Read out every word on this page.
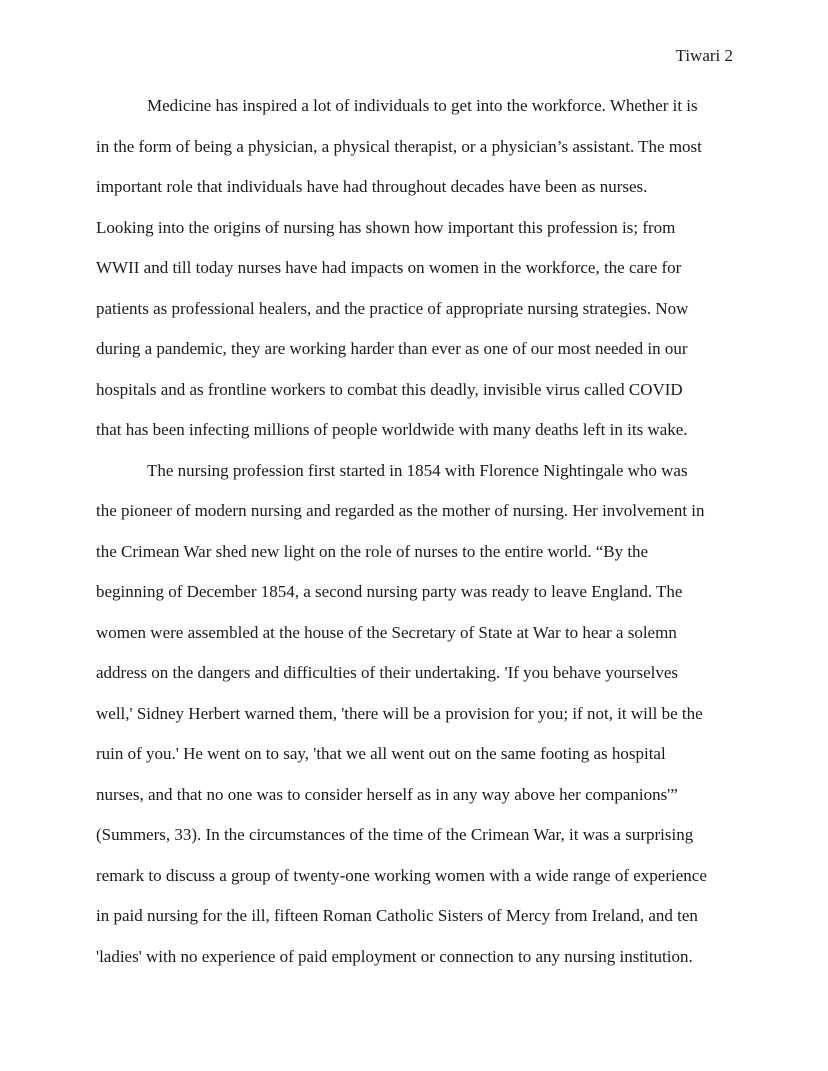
Tiwari 2
Medicine has inspired a lot of individuals to get into the workforce. Whether it is
in the form of being a physician, a physical therapist, or a physician’s assistant. The most
important role that individuals have had throughout decades have been as nurses.
Looking into the origins of nursing has shown how important this profession is; from
WWII and till today nurses have had impacts on women in the workforce, the care for
patients as professional healers, and the practice of appropriate nursing strategies. Now
during a pandemic, they are working harder than ever as one of our most needed in our
hospitals and as frontline workers to combat this deadly, invisible virus called COVID
that has been infecting millions of people worldwide with many deaths left in its wake.
The nursing profession first started in 1854 with Florence Nightingale who was
the pioneer of modern nursing and regarded as the mother of nursing. Her involvement in
the Crimean War shed new light on the role of nurses to the entire world. “By the
beginning of December 1854, a second nursing party was ready to leave England. The
women were assembled at the house of the Secretary of State at War to hear a solemn
address on the dangers and difficulties of their undertaking. 'If you behave yourselves
well,' Sidney Herbert warned them, 'there will be a provision for you; if not, it will be the
ruin of you.' He went on to say, 'that we all went out on the same footing as hospital
nurses, and that no one was to consider herself as in any way above her companions'”
(Summers, 33). In the circumstances of the time of the Crimean War, it was a surprising
remark to discuss a group of twenty-one working women with a wide range of experience
in paid nursing for the ill, fifteen Roman Catholic Sisters of Mercy from Ireland, and ten
'ladies' with no experience of paid employment or connection to any nursing institution.
